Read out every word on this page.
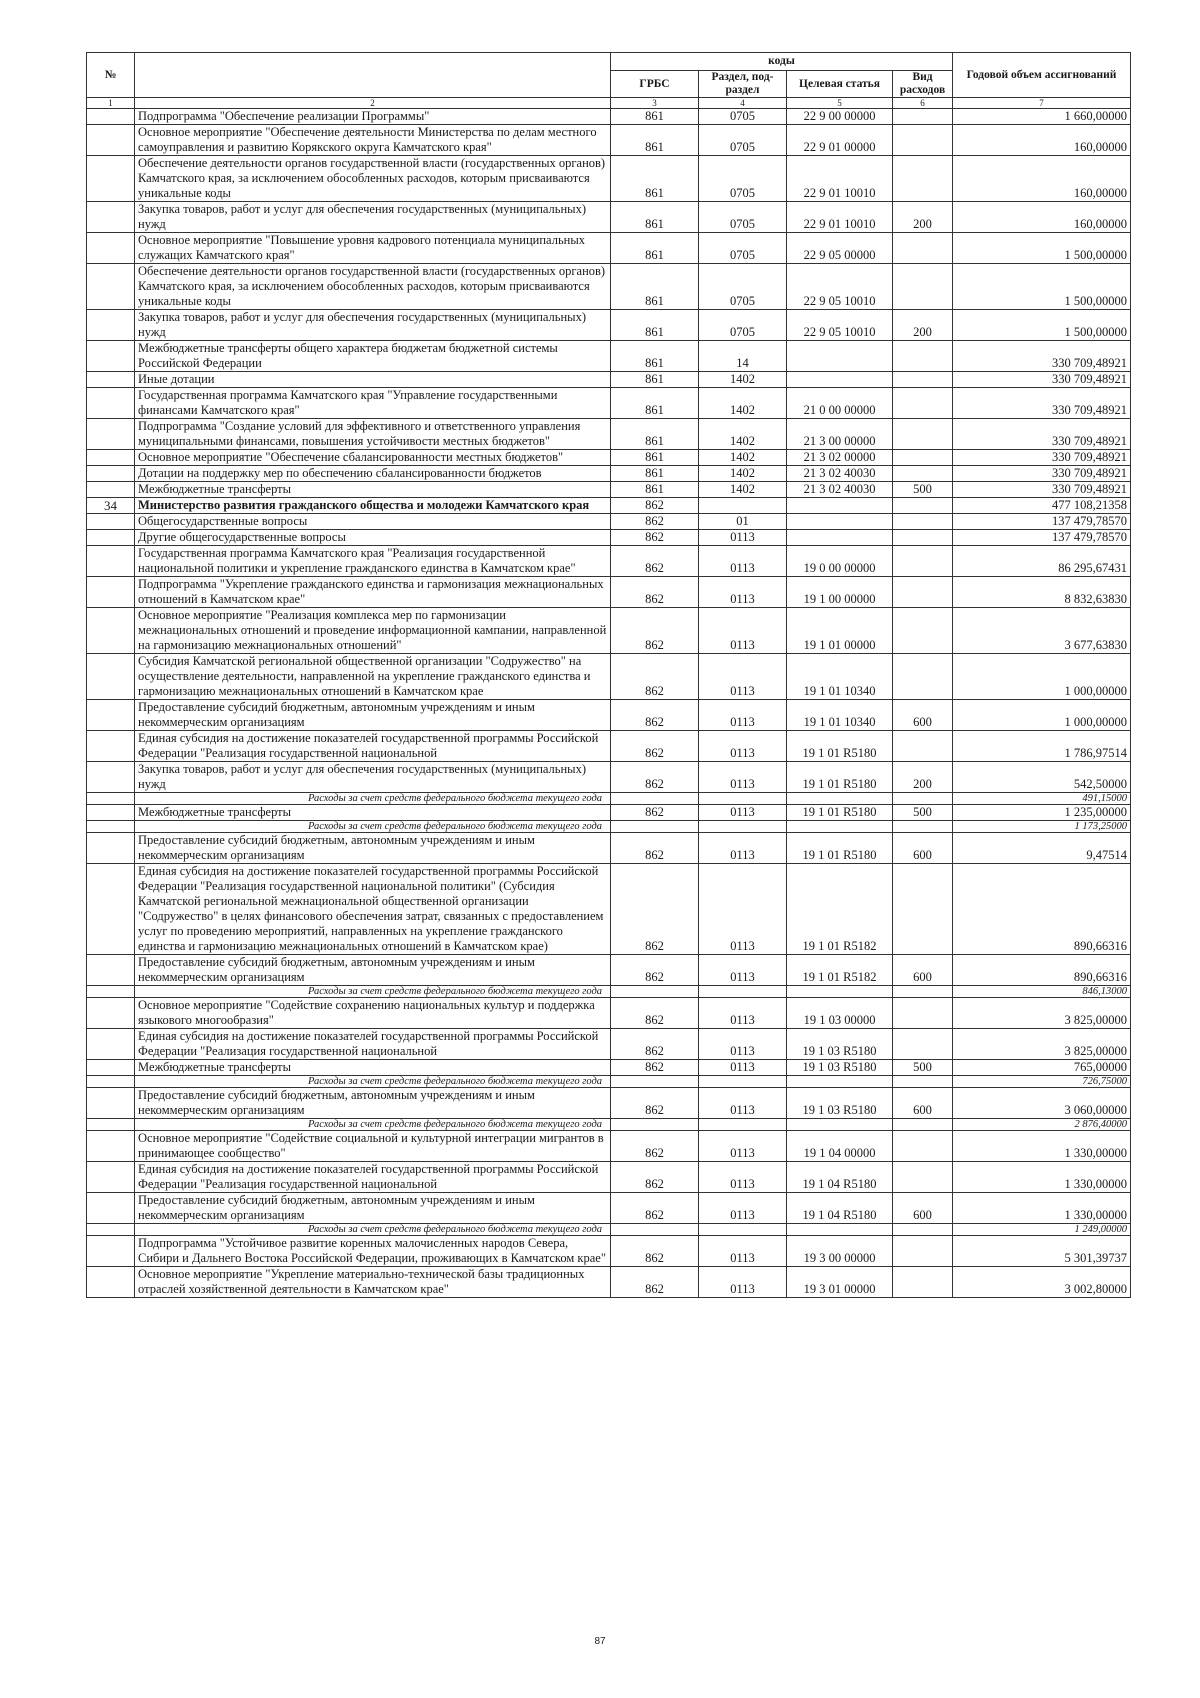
№		коды				Годовой объем ассигнований
		ГРБС	Раздел, под-раздел	Целевая статья	Вид расходов	
1	2	3	4	5	6	7
	Подпрограмма "Обеспечение реализации Программы"	861	0705	22 9 00 00000		1 660,00000
	Основное мероприятие "Обеспечение деятельности Министерства по делам местного самоуправления и развитию Корякского округа Камчатского края"	861	0705	22 9 01 00000		160,00000
	Обеспечение деятельности органов государственной власти (государственных органов) Камчатского края, за исключением обособленных расходов, которым присваиваются уникальные коды	861	0705	22 9 01 10010		160,00000
	Закупка товаров, работ и услуг для обеспечения государственных (муниципальных) нужд	861	0705	22 9 01 10010	200	160,00000
	Основное мероприятие "Повышение уровня кадрового потенциала муниципальных служащих Камчатского края"	861	0705	22 9 05 00000		1 500,00000
	Обеспечение деятельности органов государственной власти (государственных органов) Камчатского края, за исключением обособленных расходов, которым присваиваются уникальные коды	861	0705	22 9 05 10010		1 500,00000
	Закупка товаров, работ и услуг для обеспечения государственных (муниципальных) нужд	861	0705	22 9 05 10010	200	1 500,00000
	Межбюджетные трансферты общего характера бюджетам бюджетной системы Российской Федерации	861	14			330 709,48921
	Иные дотации	861	1402			330 709,48921
	Государственная программа Камчатского края "Управление государственными финансами Камчатского края"	861	1402	21 0 00 00000		330 709,48921
	Подпрограмма "Создание условий для эффективного и ответственного управления муниципальными финансами, повышения устойчивости местных бюджетов"	861	1402	21 3 00 00000		330 709,48921
	Основное мероприятие "Обеспечение сбалансированности местных бюджетов"	861	1402	21 3 02 00000		330 709,48921
	Дотации на поддержку мер по обеспечению сбалансированности бюджетов	861	1402	21 3 02 40030		330 709,48921
	Межбюджетные трансферты	861	1402	21 3 02 40030	500	330 709,48921
34	Министерство развития гражданского общества и молодежи Камчатского края	862				477 108,21358
	Общегосударственные вопросы	862	01			137 479,78570
	Другие общегосударственные вопросы	862	0113			137 479,78570
	Государственная программа Камчатского края "Реализация государственной национальной политики и укрепление гражданского единства в Камчатском крае"	862	0113	19 0 00 00000		86 295,67431
	Подпрограмма "Укрепление гражданского единства и гармонизация межнациональных отношений в Камчатском крае"	862	0113	19 1 00 00000		8 832,63830
	Основное мероприятие "Реализация комплекса мер по гармонизации межнациональных отношений и проведение информационной кампании, направленной на гармонизацию межнациональных отношений"	862	0113	19 1 01 00000		3 677,63830
	Субсидия Камчатской региональной общественной организации "Содружество" на осуществление деятельности, направленной на укрепление гражданского единства и гармонизацию межнациональных отношений в Камчатском крае	862	0113	19 1 01 10340		1 000,00000
	Предоставление субсидий бюджетным, автономным учреждениям и иным некоммерческим организациям	862	0113	19 1 01 10340	600	1 000,00000
	Единая субсидия на достижение показателей государственной программы Российской Федерации "Реализация государственной национальной	862	0113	19 1 01 R5180		1 786,97514
	Закупка товаров, работ и услуг для обеспечения государственных (муниципальных) нужд	862	0113	19 1 01 R5180	200	542,50000
	Расходы за счет средств федерального бюджета текущего года					491,15000
	Межбюджетные трансферты	862	0113	19 1 01 R5180	500	1 235,00000
	Расходы за счет средств федерального бюджета текущего года					1 173,25000
	Предоставление субсидий бюджетным, автономным учреждениям и иным некоммерческим организациям	862	0113	19 1 01 R5180	600	9,47514
	Единая субсидия на достижение показателей государственной программы Российской Федерации "Реализация государственной национальной политики" (Субсидия Камчатской региональной межнациональной общественной организации "Содружество" в целях финансового обеспечения затрат, связанных с предоставлением услуг по проведению мероприятий, направленных на укрепление гражданского единства и гармонизацию межнациональных отношений в Камчатском крае)	862	0113	19 1 01 R5182		890,66316
	Предоставление субсидий бюджетным, автономным учреждениям и иным некоммерческим организациям	862	0113	19 1 01 R5182	600	890,66316
	Расходы за счет средств федерального бюджета текущего года					846,13000
	Основное мероприятие "Содействие сохранению национальных культур и поддержка языкового многообразия"	862	0113	19 1 03 00000		3 825,00000
	Единая субсидия на достижение показателей государственной программы Российской Федерации "Реализация государственной национальной	862	0113	19 1 03 R5180		3 825,00000
	Межбюджетные трансферты	862	0113	19 1 03 R5180	500	765,00000
	Расходы за счет средств федерального бюджета текущего года					726,75000
	Предоставление субсидий бюджетным, автономным учреждениям и иным некоммерческим организациям	862	0113	19 1 03 R5180	600	3 060,00000
	Расходы за счет средств федерального бюджета текущего года					2 876,40000
	Основное мероприятие "Содействие социальной и культурной интеграции мигрантов в принимающее сообщество"	862	0113	19 1 04 00000		1 330,00000
	Единая субсидия на достижение показателей государственной программы Российской Федерации "Реализация государственной национальной	862	0113	19 1 04 R5180		1 330,00000
	Предоставление субсидий бюджетным, автономным учреждениям и иным некоммерческим организациям	862	0113	19 1 04 R5180	600	1 330,00000
	Расходы за счет средств федерального бюджета текущего года					1 249,00000
	Подпрограмма "Устойчивое развитие коренных малочисленных народов Севера, Сибири и Дальнего Востока Российской Федерации, проживающих в Камчатском крае"	862	0113	19 3 00 00000		5 301,39737
	Основное мероприятие "Укрепление материально-технической базы традиционных отраслей хозяйственной деятельности в Камчатском крае"	862	0113	19 3 01 00000		3 002,80000
87
